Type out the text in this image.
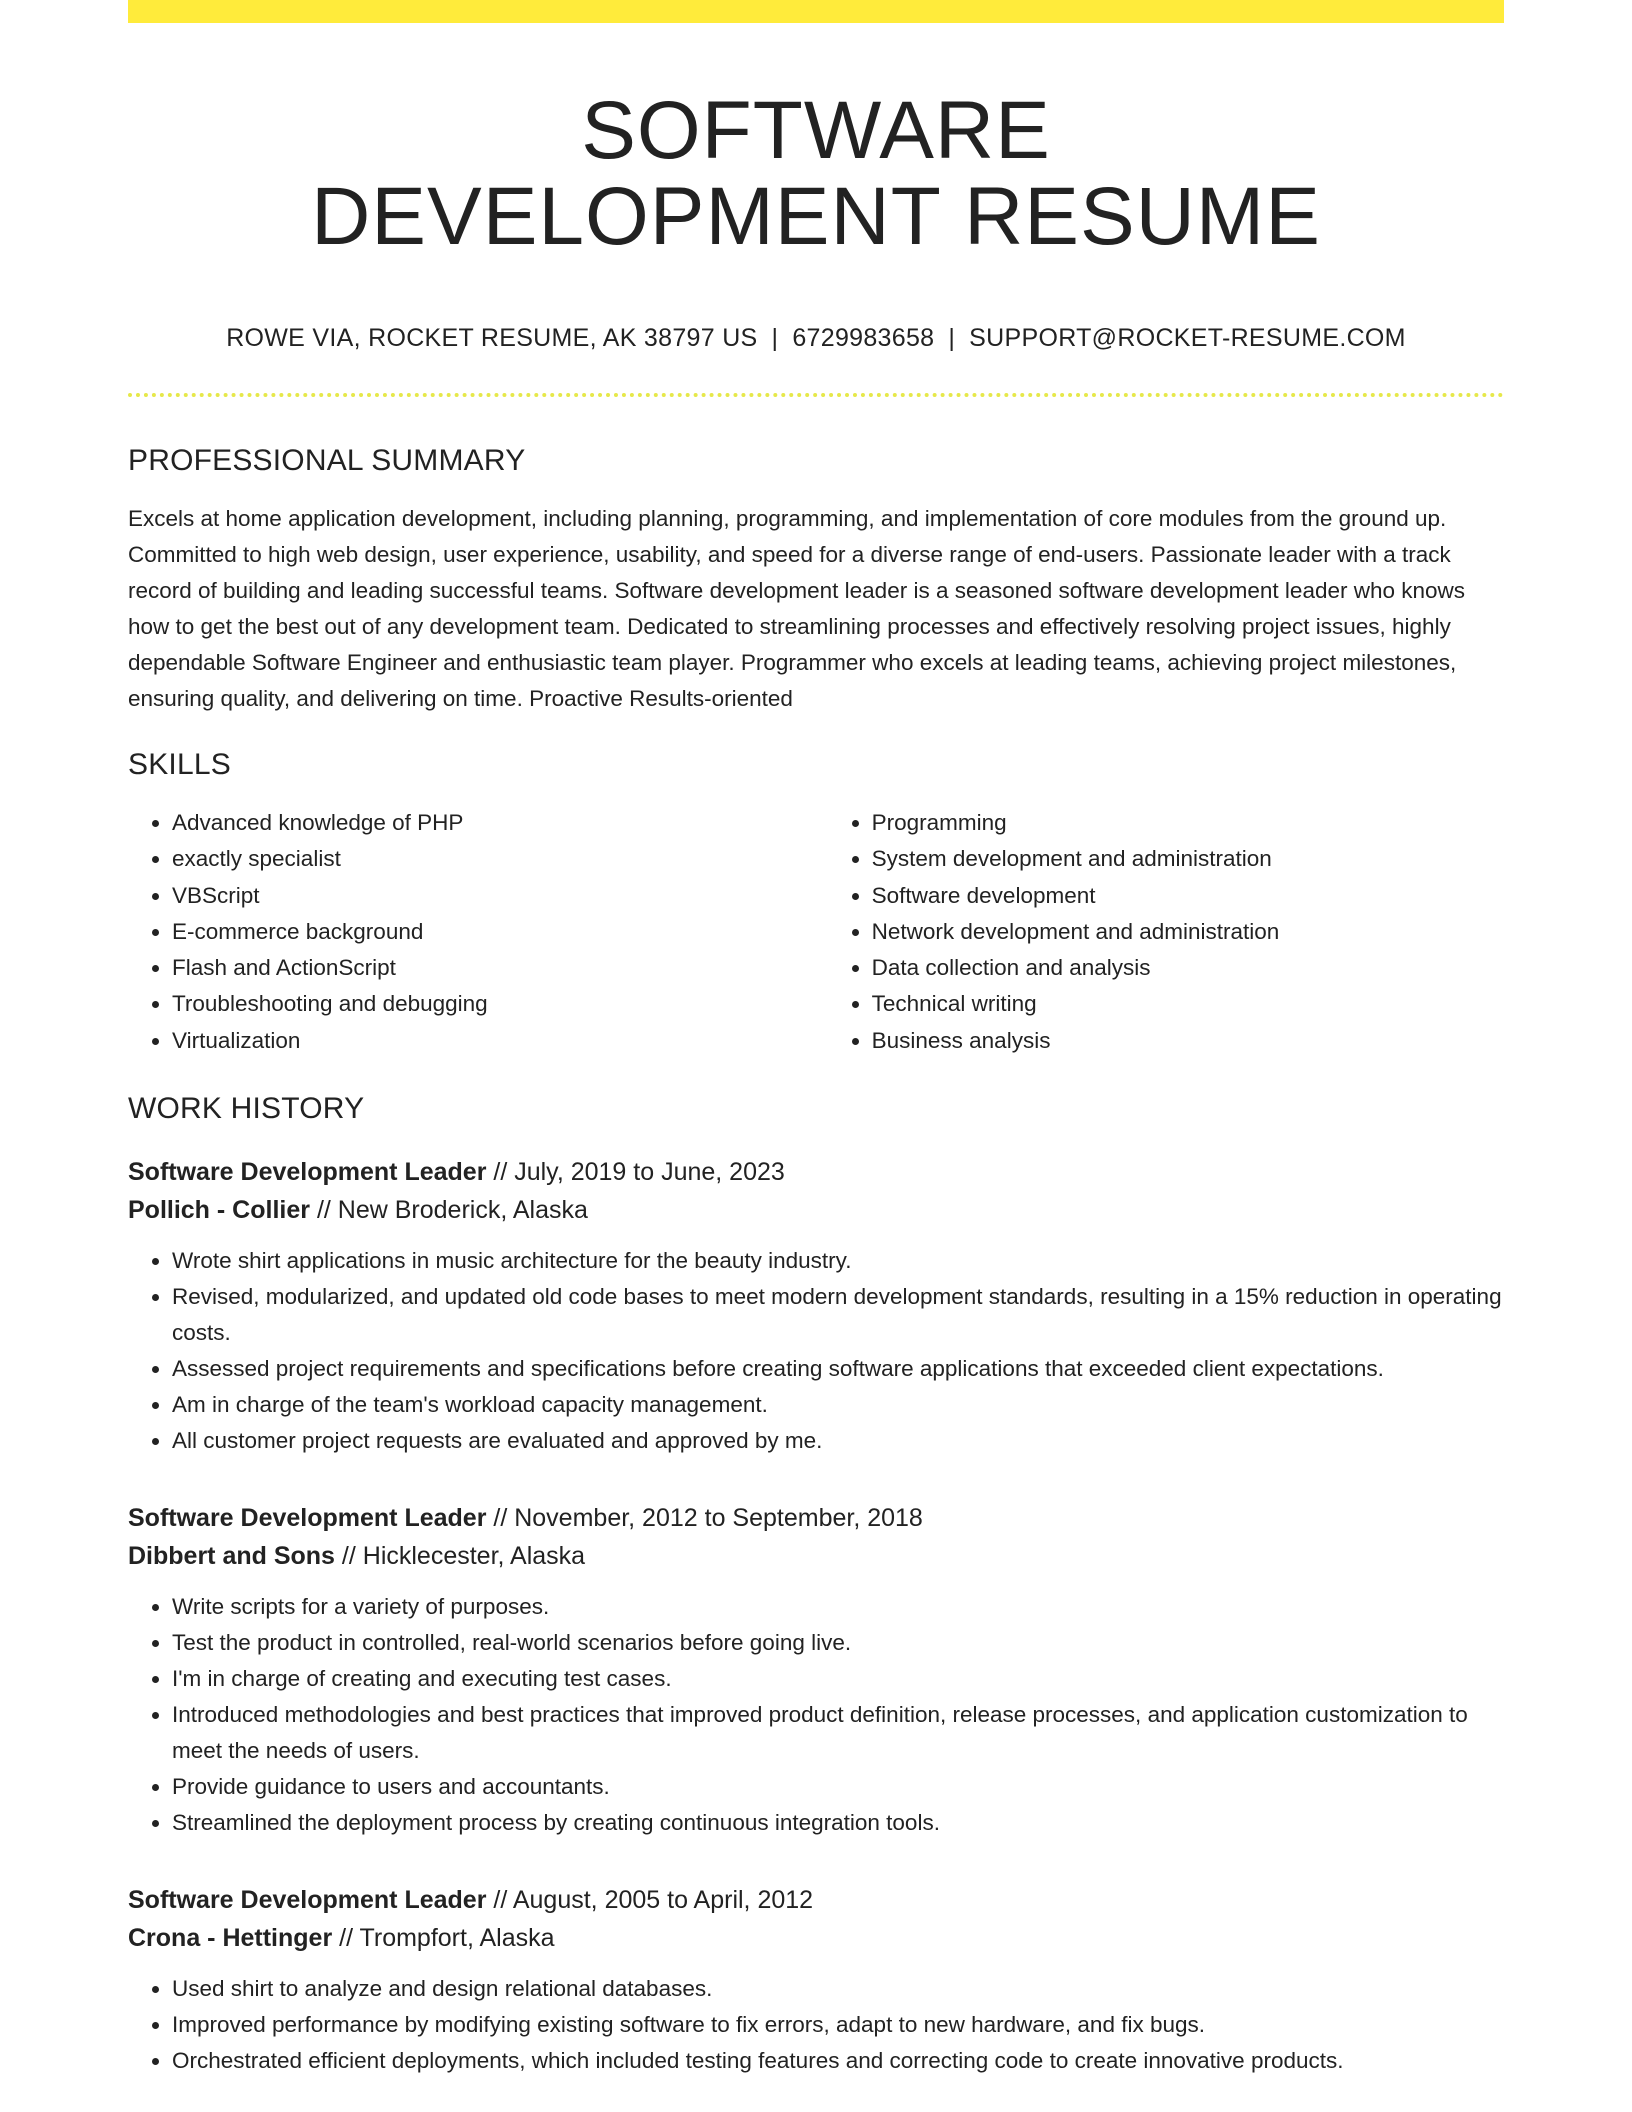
SOFTWARE
DEVELOPMENT RESUME
ROWE VIA, ROCKET RESUME, AK 38797 US | 6729983658 | SUPPORT@ROCKET-RESUME.COM
PROFESSIONAL SUMMARY

Excels at home application development, including planning, programming, and implementation of core modules from the ground up. Committed to high web design, user experience, usability, and speed for a diverse range of end-users. Passionate leader with a track record of building and leading successful teams. Software development leader is a seasoned software development leader who knows how to get the best out of any development team. Dedicated to streamlining processes and effectively resolving project issues, highly dependable Software Engineer and enthusiastic team player. Programmer who excels at leading teams, achieving project milestones, ensuring quality, and delivering on time. Proactive Results-oriented

SKILLS
• Advanced knowledge of PHP
• exactly specialist
• VBScript
• E-commerce background
• Flash and ActionScript
• Troubleshooting and debugging
• Virtualization
• Programming
• System development and administration
• Software development
• Network development and administration
• Data collection and analysis
• Technical writing
• Business analysis
WORK HISTORY
Software Development Leader // July, 2019 to June, 2023
Pollich - Collier // New Broderick, Alaska
• Wrote shirt applications in music architecture for the beauty industry.
• Revised, modularized, and updated old code bases to meet modern development standards, resulting in a 15% reduction in operating costs.
• Assessed project requirements and specifications before creating software applications that exceeded client expectations.
• Am in charge of the team's workload capacity management.
• All customer project requests are evaluated and approved by me.
Software Development Leader // November, 2012 to September, 2018
Dibbert and Sons // Hicklecester, Alaska
• Write scripts for a variety of purposes.
• Test the product in controlled, real-world scenarios before going live.
• I'm in charge of creating and executing test cases.
• Introduced methodologies and best practices that improved product definition, release processes, and application customization to meet the needs of users.
• Provide guidance to users and accountants.
• Streamlined the deployment process by creating continuous integration tools.
Software Development Leader // August, 2005 to April, 2012
Crona - Hettinger // Trompfort, Alaska
• Used shirt to analyze and design relational databases.
• Improved performance by modifying existing software to fix errors, adapt to new hardware, and fix bugs.
• Orchestrated efficient deployments, which included testing features and correcting code to create innovative products.
